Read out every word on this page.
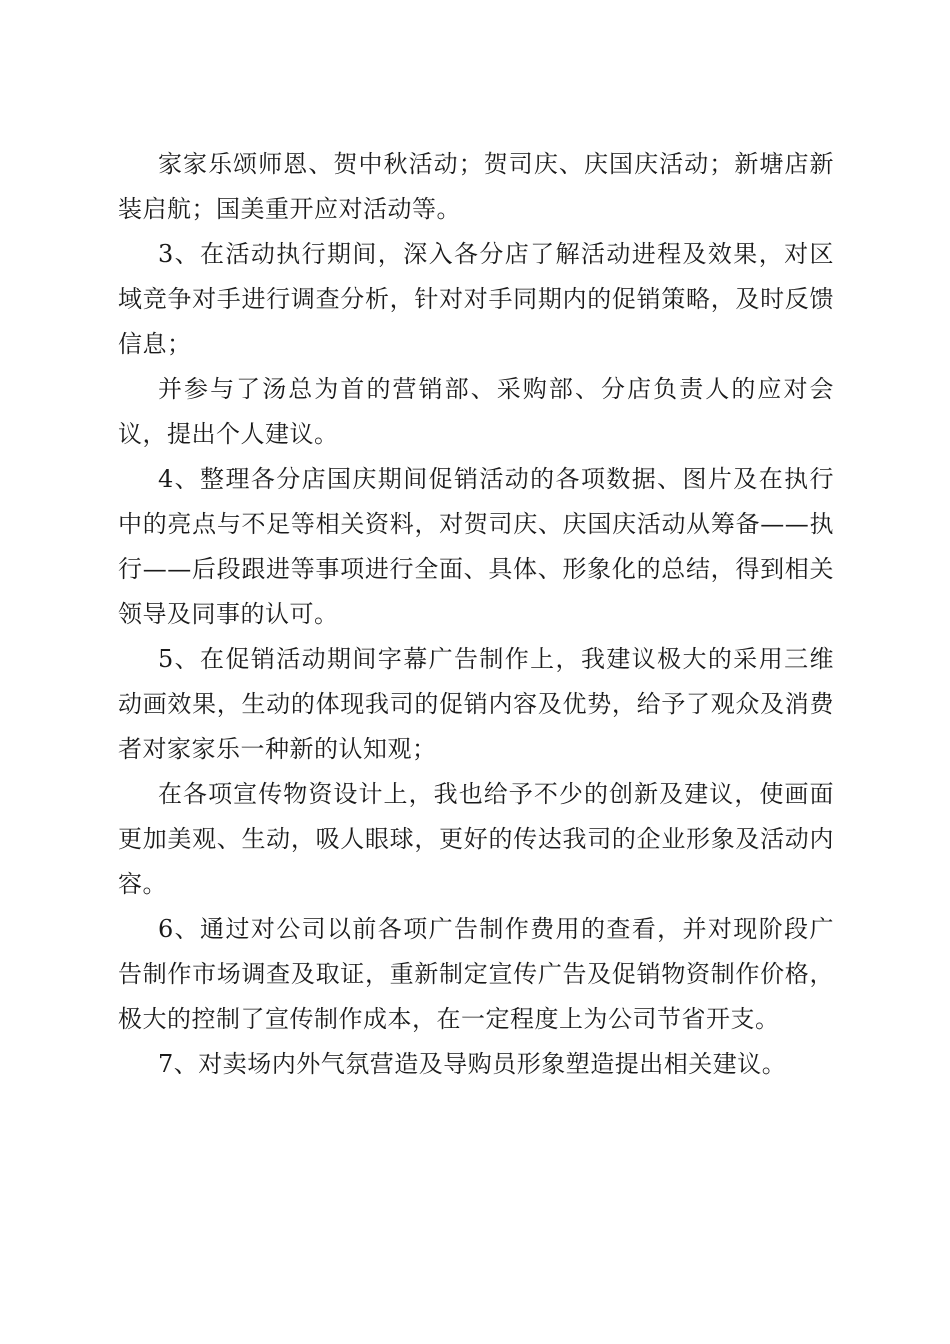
家家乐颂师恩、贺中秋活动；贺司庆、庆国庆活动；新塘店新装启航；国美重开应对活动等。

3、在活动执行期间，深入各分店了解活动进程及效果，对区域竞争对手进行调查分析，针对对手同期内的促销策略，及时反馈信息；

并参与了汤总为首的营销部、采购部、分店负责人的应对会议，提出个人建议。

4、整理各分店国庆期间促销活动的各项数据、图片及在执行中的亮点与不足等相关资料，对贺司庆、庆国庆活动从筹备——执行——后段跟进等事项进行全面、具体、形象化的总结，得到相关领导及同事的认可。

5、在促销活动期间字幕广告制作上，我建议极大的采用三维动画效果，生动的体现我司的促销内容及优势，给予了观众及消费者对家家乐一种新的认知观；

在各项宣传物资设计上，我也给予不少的创新及建议，使画面更加美观、生动，吸人眼球，更好的传达我司的企业形象及活动内容。

6、通过对公司以前各项广告制作费用的查看，并对现阶段广告制作市场调查及取证，重新制定宣传广告及促销物资制作价格，极大的控制了宣传制作成本，在一定程度上为公司节省开支。

7、对卖场内外气氛营造及导购员形象塑造提出相关建议。
